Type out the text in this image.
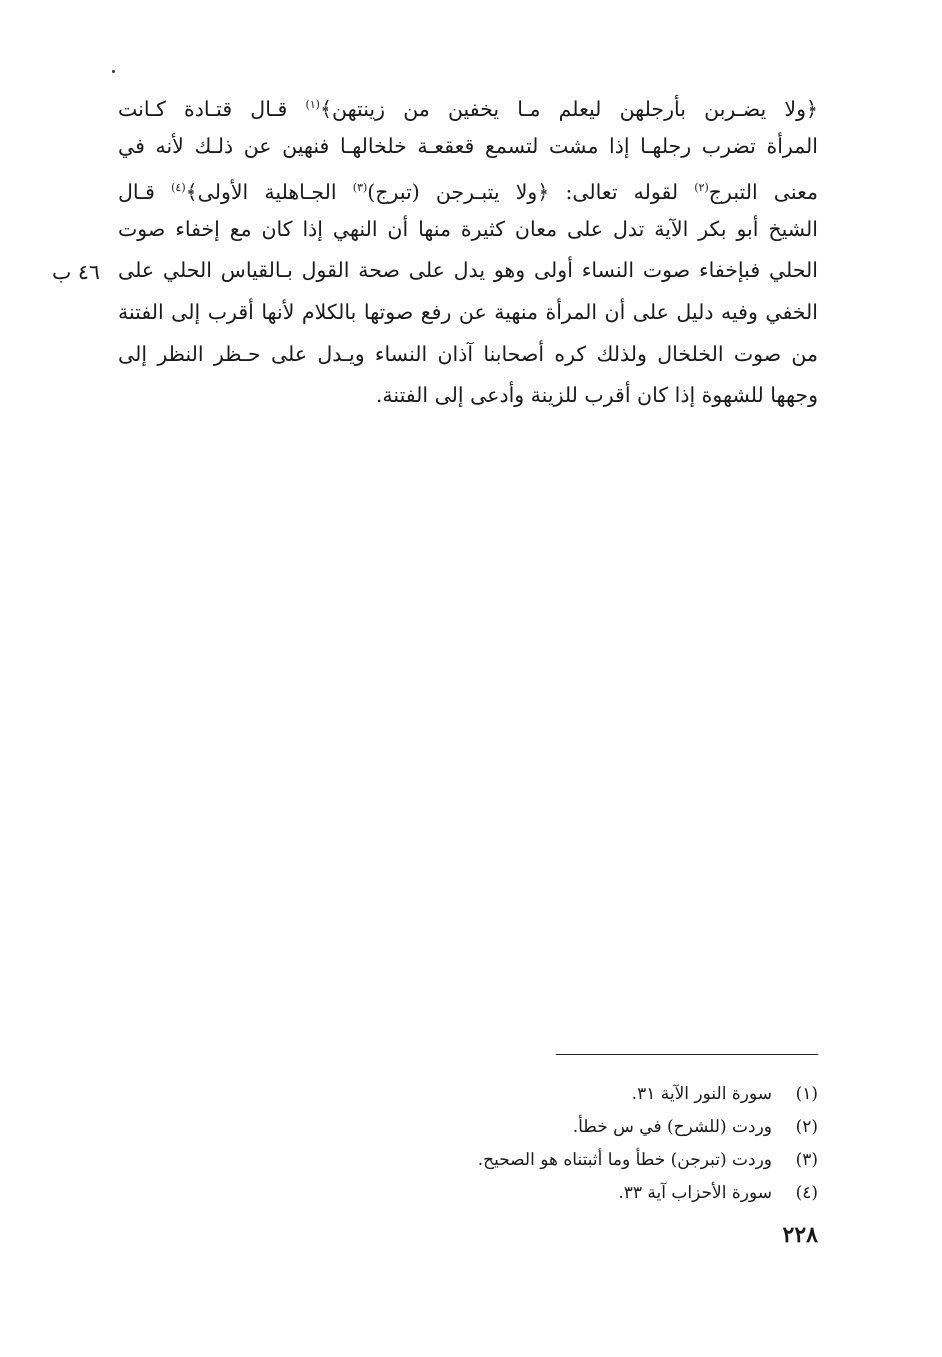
﴿ولا يضـربن بأرجلهن ليعلم مـا يخفين من زينتهن﴾$^{(١)}$ قـال قتـادة كـانت
المرأة تضرب رجلهـا إذا مشت لتسمع قعقعـة خلخالهـا فنهين عن ذلـك لأنه في
معنى التبرج$^{(٢)}$ لقوله تعالى: ﴿ولا يتبـرجن (تبرج)$^{(٣)}$ الجـاهلية الأولى﴾$^{(٤)}$ قـال
الشيخ أبو بكر الآية تدل على معان كثيرة منها أن النهي إذا كان مع إخفاء صوت
الحلي فبإخفاء صوت النساء أولى وهو يدل على صحة القول بـالقياس الحلي على
الخفي وفيه دليل على أن المرأة منهية عن رفع صوتها بالكلام لأنها أقرب إلى الفتنة
من صوت الخلخال ولذلك كره أصحابنا آذان النساء ويـدل على حـظر النظر إلى
وجهها للشهوة إذا كان أقرب للزينة وأدعى إلى الفتنة.
٤٦ ب
(١)
سورة النور الآية ٣١.
(٢)
وردت (للشرح) في س خطأ.
(٣)
وردت (تبرجن) خطأ وما أثبتناه هو الصحيح.
(٤)
سورة الأحزاب آية ٣٣.
٢٢٨
